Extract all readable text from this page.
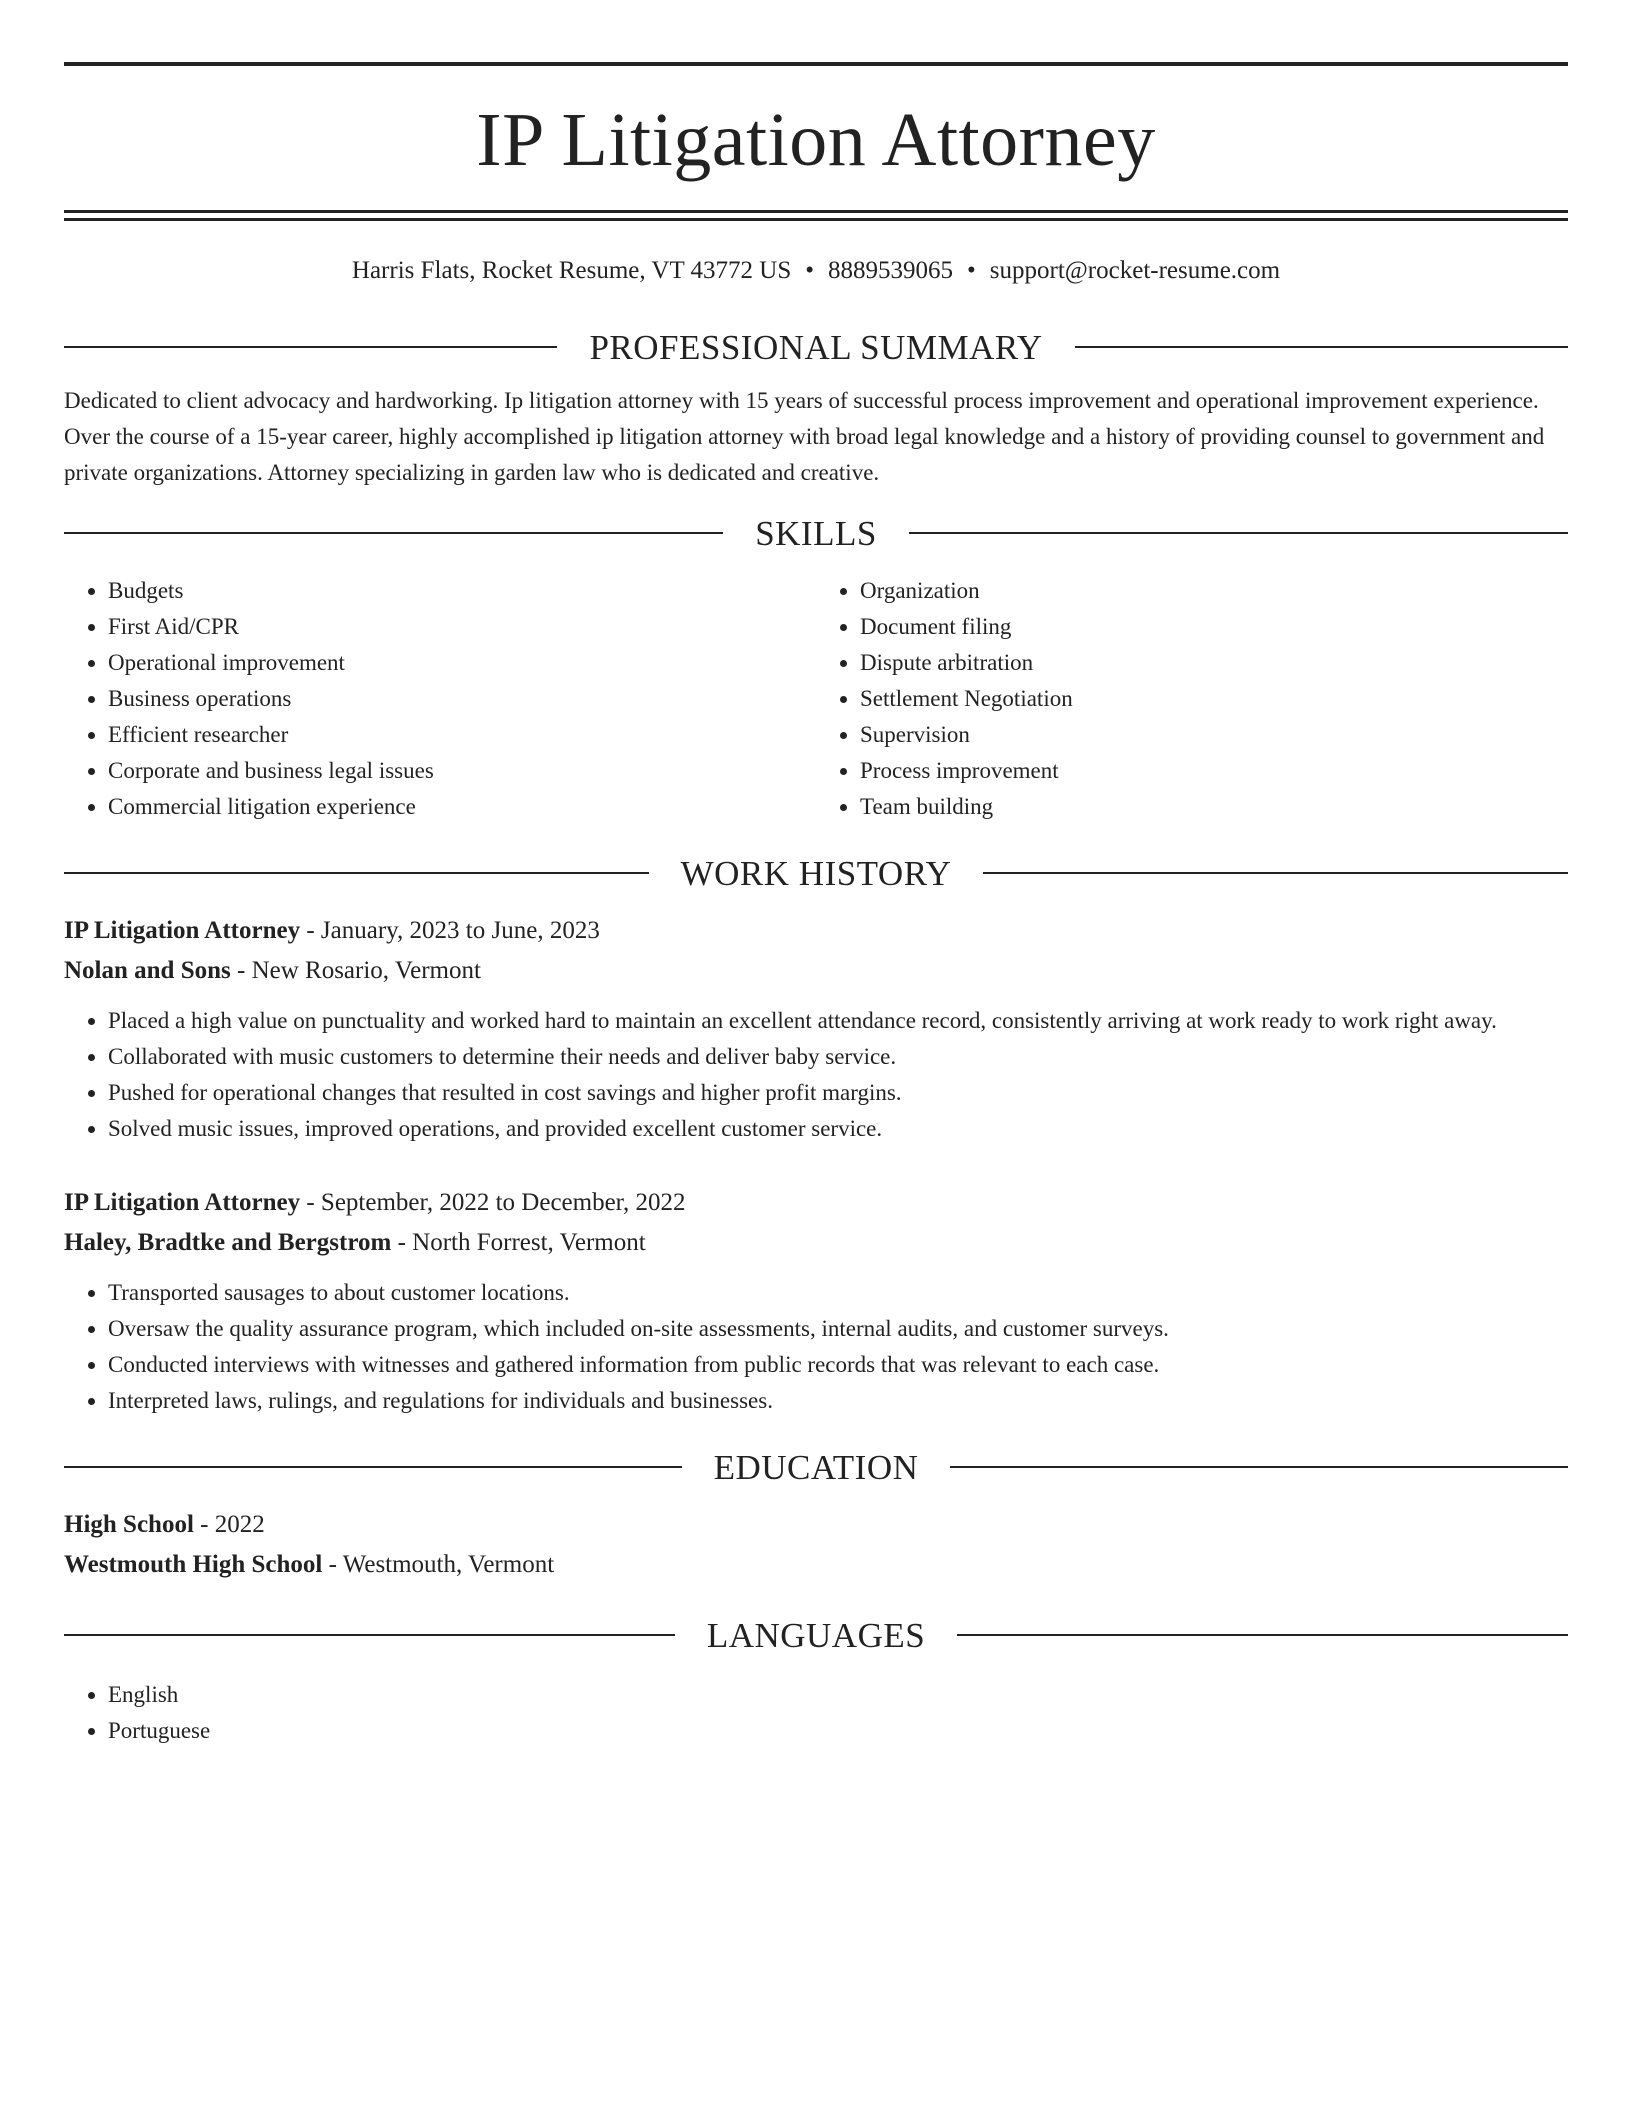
IP Litigation Attorney
Harris Flats, Rocket Resume, VT 43772 US • 8889539065 • support@rocket-resume.com
PROFESSIONAL SUMMARY
Dedicated to client advocacy and hardworking. Ip litigation attorney with 15 years of successful process improvement and operational improvement experience. Over the course of a 15-year career, highly accomplished ip litigation attorney with broad legal knowledge and a history of providing counsel to government and private organizations. Attorney specializing in garden law who is dedicated and creative.
SKILLS
• Budgets
• First Aid/CPR
• Operational improvement
• Business operations
• Efficient researcher
• Corporate and business legal issues
• Commercial litigation experience
• Organization
• Document filing
• Dispute arbitration
• Settlement Negotiation
• Supervision
• Process improvement
• Team building
WORK HISTORY
IP Litigation Attorney - January, 2023 to June, 2023
Nolan and Sons - New Rosario, Vermont
• Placed a high value on punctuality and worked hard to maintain an excellent attendance record, consistently arriving at work ready to work right away.
• Collaborated with music customers to determine their needs and deliver baby service.
• Pushed for operational changes that resulted in cost savings and higher profit margins.
• Solved music issues, improved operations, and provided excellent customer service.
IP Litigation Attorney - September, 2022 to December, 2022
Haley, Bradtke and Bergstrom - North Forrest, Vermont
• Transported sausages to about customer locations.
• Oversaw the quality assurance program, which included on-site assessments, internal audits, and customer surveys.
• Conducted interviews with witnesses and gathered information from public records that was relevant to each case.
• Interpreted laws, rulings, and regulations for individuals and businesses.
EDUCATION
High School - 2022
Westmouth High School - Westmouth, Vermont
LANGUAGES
• English
• Portuguese
